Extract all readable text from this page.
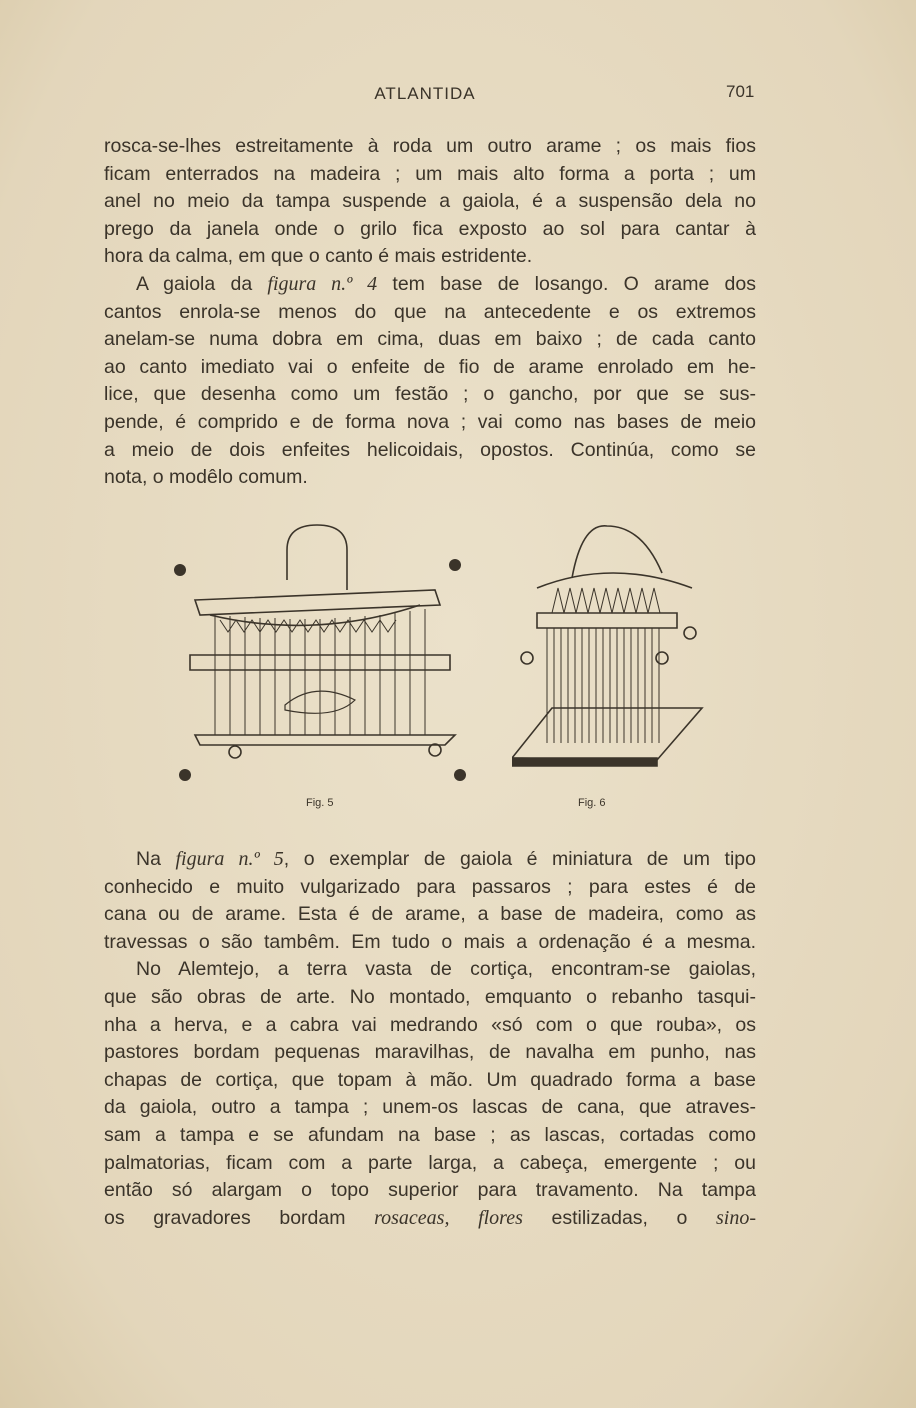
ATLANTIDA	701
rosca-se-lhes estreitamente à roda um outro arame ; os mais fios
ficam enterrados na madeira ; um mais alto forma a porta ; um
anel no meio da tampa suspende a gaiola, é a suspensão dela no
prego da janela onde o grilo fica exposto ao sol para cantar à
hora da calma, em que o canto é mais estridente.
A gaiola da figura n.º 4 tem base de losango. O arame dos
cantos enrola-se menos do que na antecedente e os extremos
anelam-se numa dobra em cima, duas em baixo ; de cada canto
ao canto imediato vai o enfeite de fio de arame enrolado em he-
lice, que desenha como um festão ; o gancho, por que se sus-
pende, é comprido e de forma nova ; vai como nas bases de meio
a meio de dois enfeites helicoidais, opostos. Continúa, como se
nota, o modêlo comum.
Fig. 5	Fig. 6
Na figura n.º 5, o exemplar de gaiola é miniatura de um tipo
conhecido e muito vulgarizado para passaros ; para estes é de
cana ou de arame. Esta é de arame, a base de madeira, como as
travessas o são tambêm. Em tudo o mais a ordenação é a mesma.
No Alemtejo, a terra vasta de cortiça, encontram-se gaiolas,
que são obras de arte. No montado, emquanto o rebanho tasqui-
nha a herva, e a cabra vai medrando «só com o que rouba», os
pastores bordam pequenas maravilhas, de navalha em punho, nas
chapas de cortiça, que topam à mão. Um quadrado forma a base
da gaiola, outro a tampa ; unem-os lascas de cana, que atraves-
sam a tampa e se afundam na base ; as lascas, cortadas como
palmatorias, ficam com a parte larga, a cabeça, emergente ; ou
então só alargam o topo superior para travamento. Na tampa
os gravadores bordam rosaceas, flores estilizadas, o sino-
